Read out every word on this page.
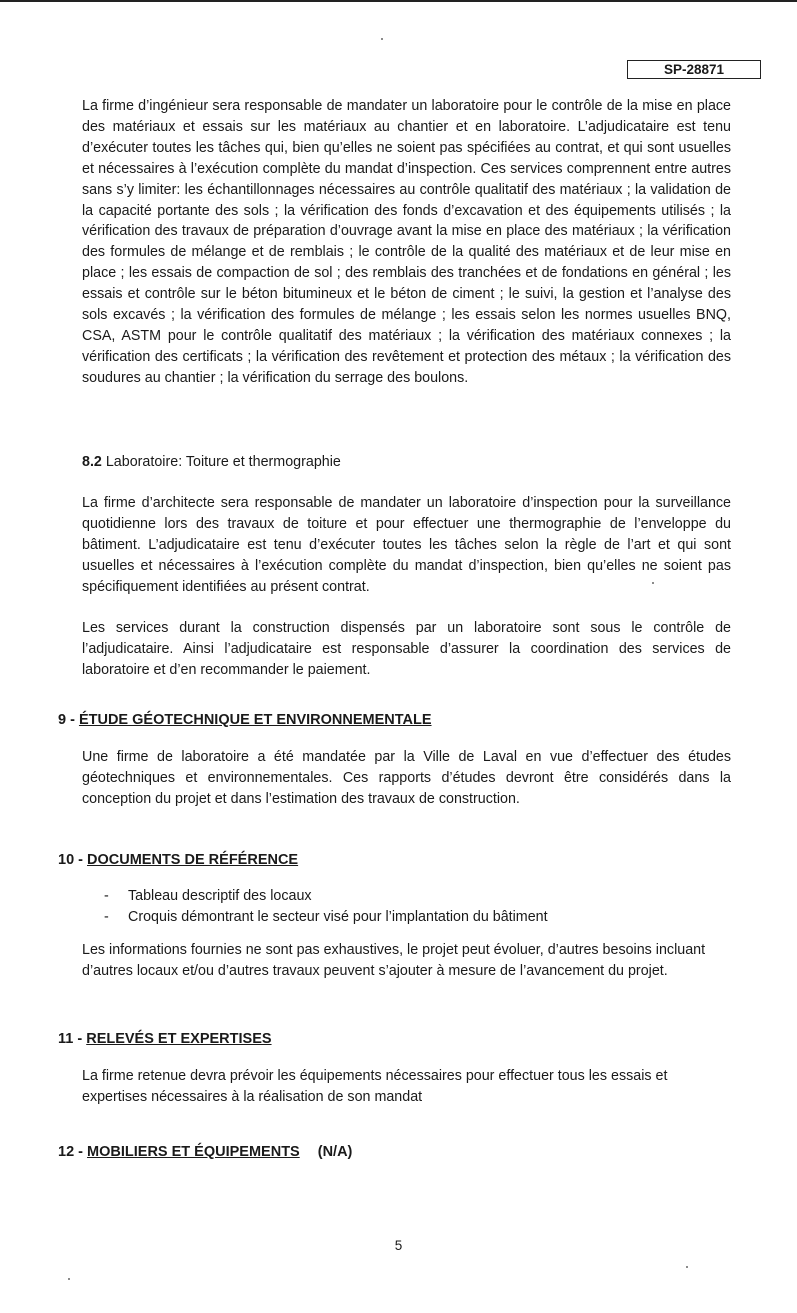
SP-28871

La firme d’ingénieur sera responsable de mandater un laboratoire pour le contrôle de la mise en place des matériaux et essais sur les matériaux au chantier et en laboratoire. L’adjudicataire est tenu d’exécuter toutes les tâches qui, bien qu’elles ne soient pas spécifiées au contrat, et qui sont usuelles et nécessaires à l’exécution complète du mandat d’inspection. Ces services comprennent entre autres sans s’y limiter: les échantillonnages nécessaires au contrôle qualitatif des matériaux ; la validation de la capacité portante des sols ; la vérification des fonds d’excavation et des équipements utilisés ; la vérification des travaux de préparation d’ouvrage avant la mise en place des matériaux ; la vérification des formules de mélange et de remblais ; le contrôle de la qualité des matériaux et de leur mise en place ; les essais de compaction de sol ; des remblais des tranchées et de fondations en général ; les essais et contrôle sur le béton bitumineux et le béton de ciment ; le suivi, la gestion et l’analyse des sols excavés ; la vérification des formules de mélange ; les essais selon les normes usuelles BNQ, CSA, ASTM pour le contrôle qualitatif des matériaux ; la vérification des matériaux connexes ; la vérification des certificats ; la vérification des revêtement et protection des métaux ; la vérification des soudures au chantier ; la vérification du serrage des boulons.

8.2 Laboratoire: Toiture et thermographie

La firme d’architecte sera responsable de mandater un laboratoire d’inspection pour la surveillance quotidienne lors des travaux de toiture et pour effectuer une thermographie de l’enveloppe du bâtiment. L’adjudicataire est tenu d’exécuter toutes les tâches selon la règle de l’art et qui sont usuelles et nécessaires à l’exécution complète du mandat d’inspection, bien qu’elles ne soient pas spécifiquement identifiées au présent contrat.

Les services durant la construction dispensés par un laboratoire sont sous le contrôle de l’adjudicataire. Ainsi l’adjudicataire est responsable d’assurer la coordination des services de laboratoire et d’en recommander le paiement.

9 - ÉTUDE GÉOTECHNIQUE ET ENVIRONNEMENTALE

Une firme de laboratoire a été mandatée par la Ville de Laval en vue d’effectuer des études géotechniques et environnementales. Ces rapports d’études devront être considérés dans la conception du projet et dans l’estimation des travaux de construction.

10 - DOCUMENTS DE RÉFÉRENCE

- Tableau descriptif des locaux
- Croquis démontrant le secteur visé pour l’implantation du bâtiment

Les informations fournies ne sont pas exhaustives, le projet peut évoluer, d’autres besoins incluant d’autres locaux et/ou d’autres travaux peuvent s’ajouter à mesure de l’avancement du projet.

11 - RELEVÉS ET EXPERTISES

La firme retenue devra prévoir les équipements nécessaires pour effectuer tous les essais et expertises nécessaires à la réalisation de son mandat

12 - MOBILIERS ET ÉQUIPEMENTS (N/A)

5
